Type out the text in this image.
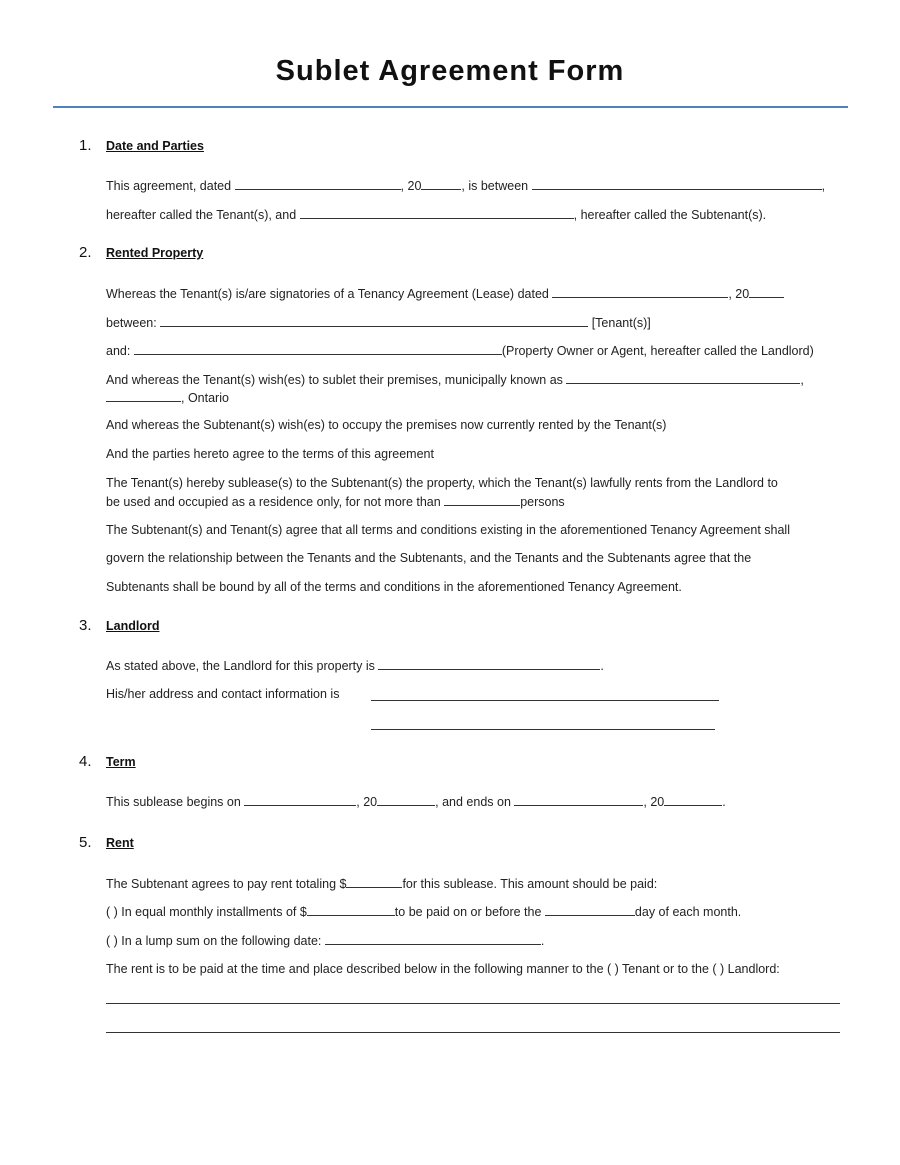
Sublet Agreement Form
1. Date and Parties
This agreement, dated	, 20	, is between	,
hereafter called the Tenant(s), and	, hereafter called the Subtenant(s).
2. Rented Property
Whereas the Tenant(s) is/are signatories of a Tenancy Agreement (Lease) dated	, 20
between:	[Tenant(s)]
and:	(Property Owner or Agent, hereafter called the Landlord)
And whereas the Tenant(s) wish(es) to sublet their premises, municipally known as	,
, Ontario
And whereas the Subtenant(s) wish(es) to occupy the premises now currently rented by the Tenant(s)
And the parties hereto agree to the terms of this agreement
The Tenant(s) hereby sublease(s) to the Subtenant(s) the property, which the Tenant(s) lawfully rents from the Landlord to
be used and occupied as a residence only, for not more than	persons
The Subtenant(s) and Tenant(s) agree that all terms and conditions existing in the aforementioned Tenancy Agreement shall
govern the relationship between the Tenants and the Subtenants, and the Tenants and the Subtenants agree that the
Subtenants shall be bound by all of the terms and conditions in the aforementioned Tenancy Agreement.
3. Landlord
As stated above, the Landlord for this property is	.
His/her address and contact information is
4. Term
This sublease begins on	, 20	, and ends on	, 20	.
5. Rent
The Subtenant agrees to pay rent totaling $	for this sublease. This amount should be paid:
( ) In equal monthly installments of $	to be paid on or before the	day of each month.
( ) In a lump sum on the following date:	.
The rent is to be paid at the time and place described below in the following manner to the ( ) Tenant or to the ( ) Landlord:
